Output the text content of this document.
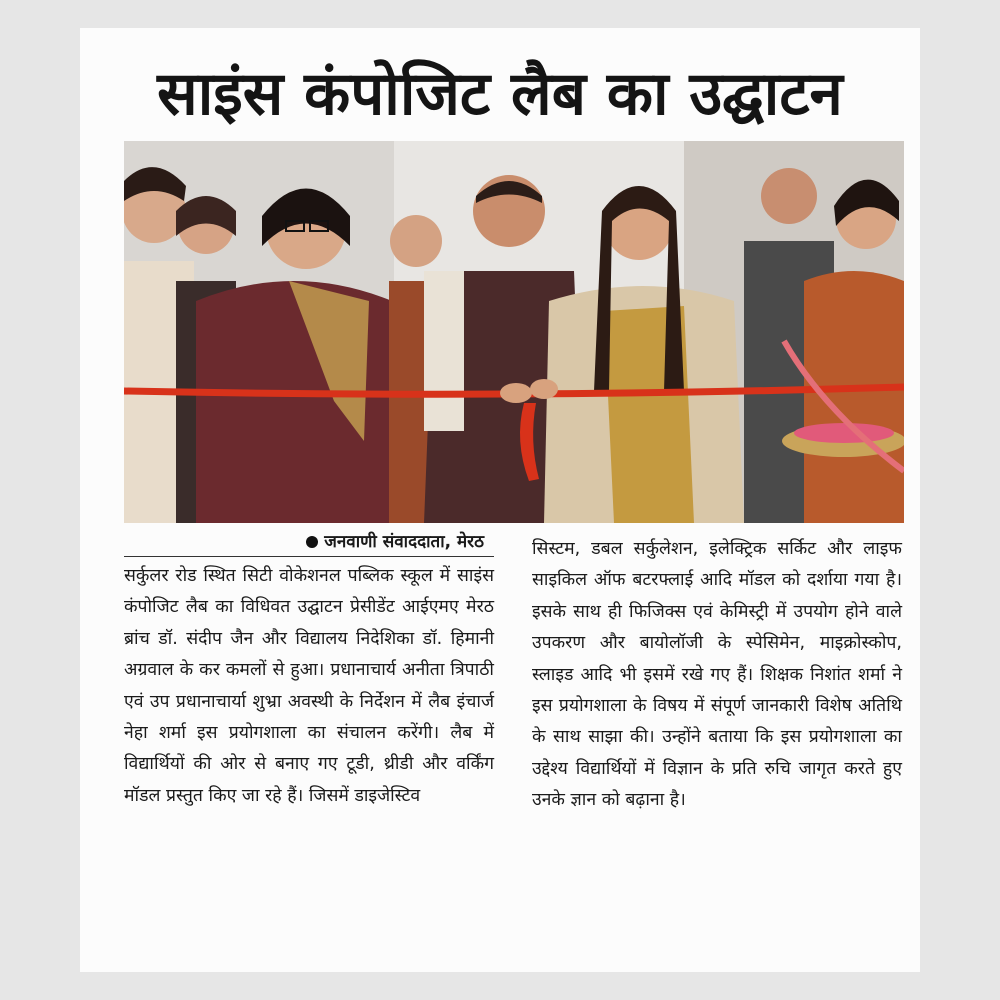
साइंस कंपोजिट लैब का उद्घाटन
जनवाणी संवाददाता, मेरठ

सर्कुलर रोड स्थित सिटी वोकेशनल पब्लिक स्कूल में साइंस कंपोजिट लैब का विधिवत उद्घाटन प्रेसीडेंट आईएमए मेरठ ब्रांच डॉ. संदीप जैन और विद्यालय निदेशिका डॉ. हिमानी अग्रवाल के कर कमलों से हुआ। प्रधानाचार्य अनीता त्रिपाठी एवं उप प्रधानाचार्या शुभ्रा अवस्थी के निर्देशन में लैब इंचार्ज नेहा शर्मा इस प्रयोगशाला का संचालन करेंगी। लैब में विद्यार्थियों की ओर से बनाए गए टूडी, थ्रीडी और वर्किंग मॉडल प्रस्तुत किए जा रहे हैं। जिसमें डाइजेस्टिव

सिस्टम, डबल सर्कुलेशन, इलेक्ट्रिक सर्किट और लाइफ साइकिल ऑफ बटरफ्लाई आदि मॉडल को दर्शाया गया है। इसके साथ ही फिजिक्स एवं केमिस्ट्री में उपयोग होने वाले उपकरण और बायोलॉजी के स्पेसिमेन, माइक्रोस्कोप, स्लाइड आदि भी इसमें रखे गए हैं। शिक्षक निशांत शर्मा ने इस प्रयोगशाला के विषय में संपूर्ण जानकारी विशेष अतिथि के साथ साझा की। उन्होंने बताया कि इस प्रयोगशाला का उद्देश्य विद्यार्थियों में विज्ञान के प्रति रुचि जागृत करते हुए उनके ज्ञान को बढ़ाना है।
